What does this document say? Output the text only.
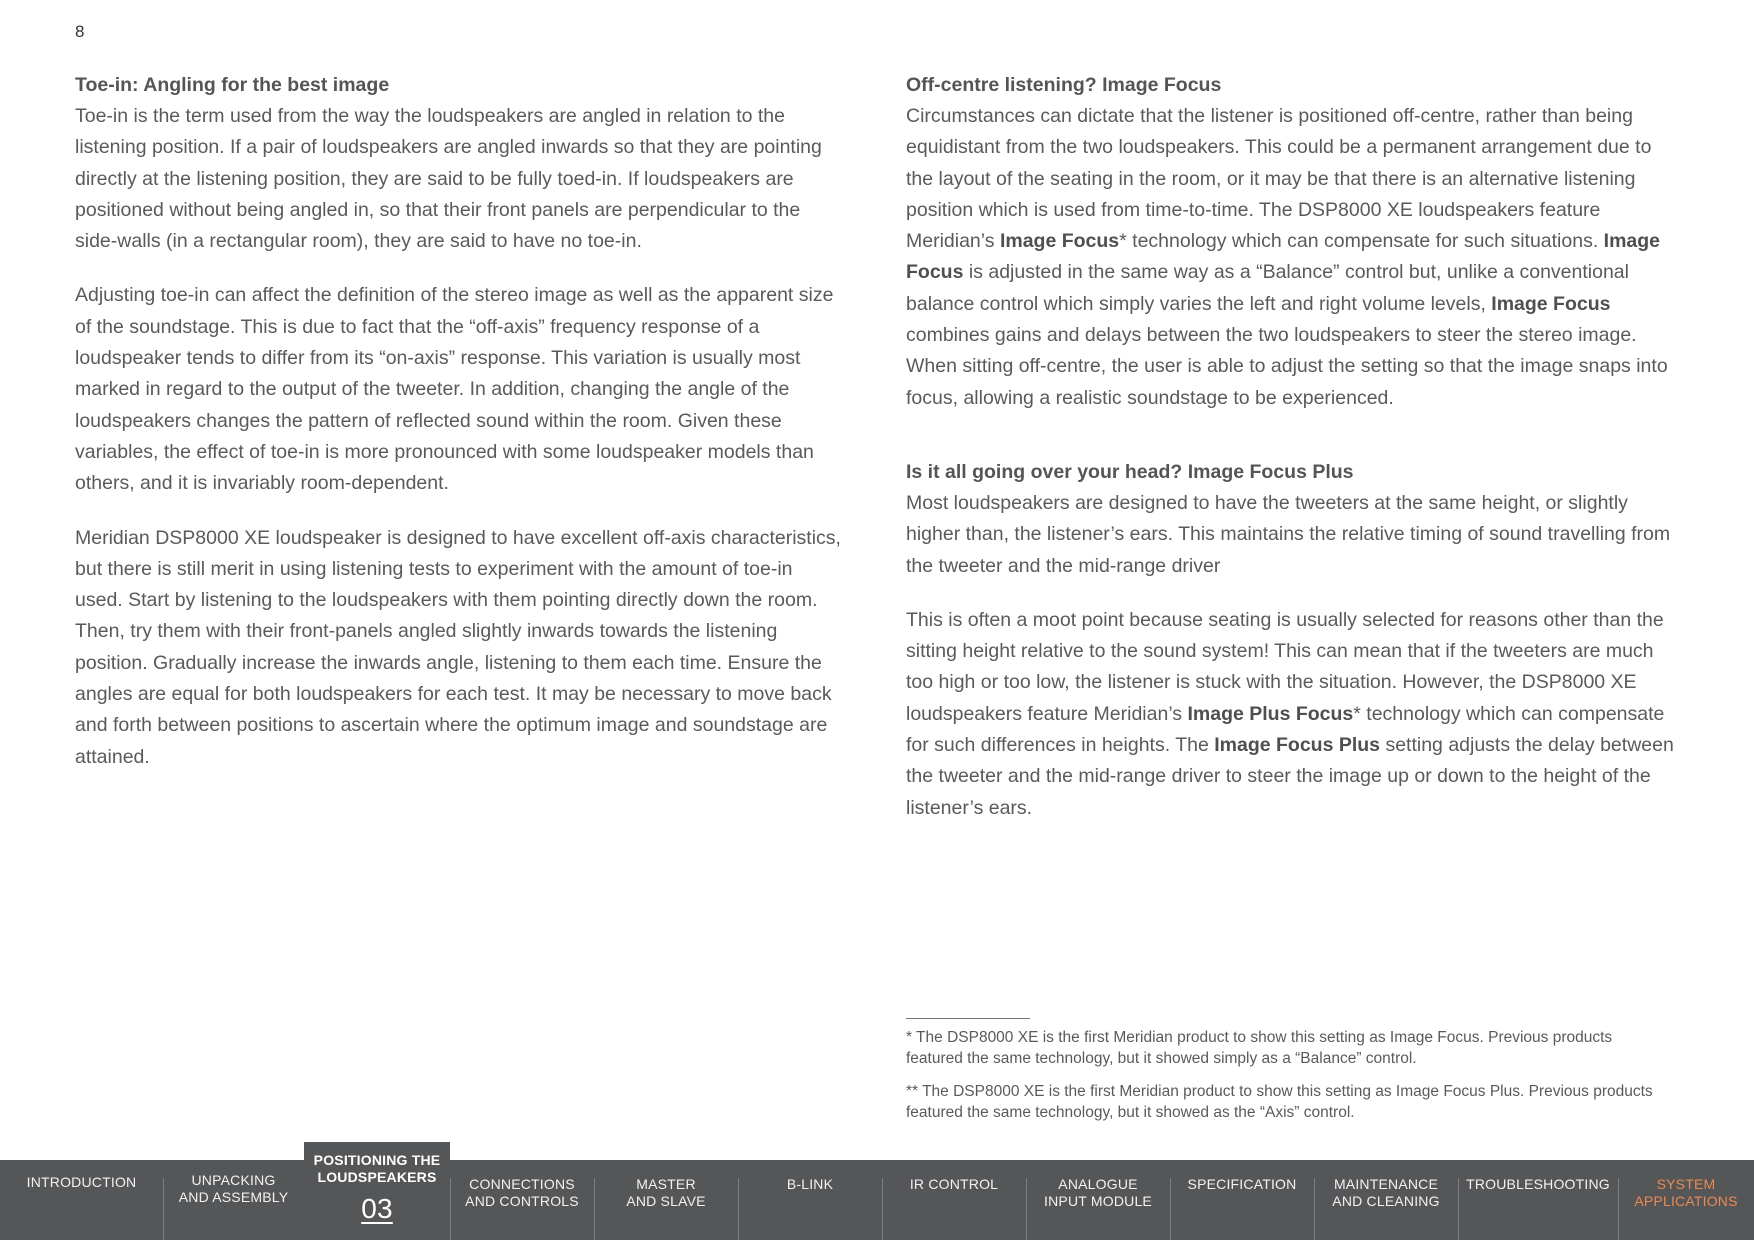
8
Toe-in: Angling for the best image

Toe-in is the term used from the way the loudspeakers are angled in relation to the listening position. If a pair of loudspeakers are angled inwards so that they are pointing directly at the listening position, they are said to be fully toed-in. If loudspeakers are positioned without being angled in, so that their front panels are perpendicular to the side-walls (in a rectangular room), they are said to have no toe-in.

Adjusting toe-in can affect the definition of the stereo image as well as the apparent size of the soundstage. This is due to fact that the “off-axis” frequency response of a loudspeaker tends to differ from its “on-axis” response. This variation is usually most marked in regard to the output of the tweeter. In addition, changing the angle of the loudspeakers changes the pattern of reflected sound within the room. Given these variables, the effect of toe-in is more pronounced with some loudspeaker models than others, and it is invariably room-dependent.

Meridian DSP8000 XE loudspeaker is designed to have excellent off-axis characteristics, but there is still merit in using listening tests to experiment with the amount of toe-in used. Start by listening to the loudspeakers with them pointing directly down the room. Then, try them with their front-panels angled slightly inwards towards the listening position. Gradually increase the inwards angle, listening to them each time. Ensure the angles are equal for both loudspeakers for each test. It may be necessary to move back and forth between positions to ascertain where the optimum image and soundstage are attained.

Off-centre listening? Image Focus

Circumstances can dictate that the listener is positioned off-centre, rather than being equidistant from the two loudspeakers. This could be a permanent arrangement due to the layout of the seating in the room, or it may be that there is an alternative listening position which is used from time-to-time. The DSP8000 XE loudspeakers feature Meridian’s Image Focus* technology which can compensate for such situations. Image Focus is adjusted in the same way as a “Balance” control but, unlike a conventional balance control which simply varies the left and right volume levels, Image Focus combines gains and delays between the two loudspeakers to steer the stereo image. When sitting off-centre, the user is able to adjust the setting so that the image snaps into focus, allowing a realistic soundstage to be experienced.

Is it all going over your head? Image Focus Plus

Most loudspeakers are designed to have the tweeters at the same height, or slightly higher than, the listener’s ears. This maintains the relative timing of sound travelling from the tweeter and the mid-range driver

This is often a moot point because seating is usually selected for reasons other than the sitting height relative to the sound system! This can mean that if the tweeters are much too high or too low, the listener is stuck with the situation. However, the DSP8000 XE loudspeakers feature Meridian’s Image Plus Focus* technology which can compensate for such differences in heights. The Image Focus Plus setting adjusts the delay between the tweeter and the mid-range driver to steer the image up or down to the height of the listener’s ears.

* The DSP8000 XE is the first Meridian product to show this setting as Image Focus. Previous products featured the same technology, but it showed simply as a “Balance” control.
** The DSP8000 XE is the first Meridian product to show this setting as Image Focus Plus. Previous products featured the same technology, but it showed as the “Axis” control.
INTRODUCTION	UNPACKING
AND ASSEMBLY
POSITIONING THE
LOUDSPEAKERS
03
CONNECTIONS
AND CONTROLS
MASTER
AND SLAVE
B-LINK	IR CONTROL	ANALOGUE
INPUT MODULE
SPECIFICATION	MAINTENANCE
AND CLEANING
TROUBLESHOOTING	SYSTEM
APPLICATIONS
